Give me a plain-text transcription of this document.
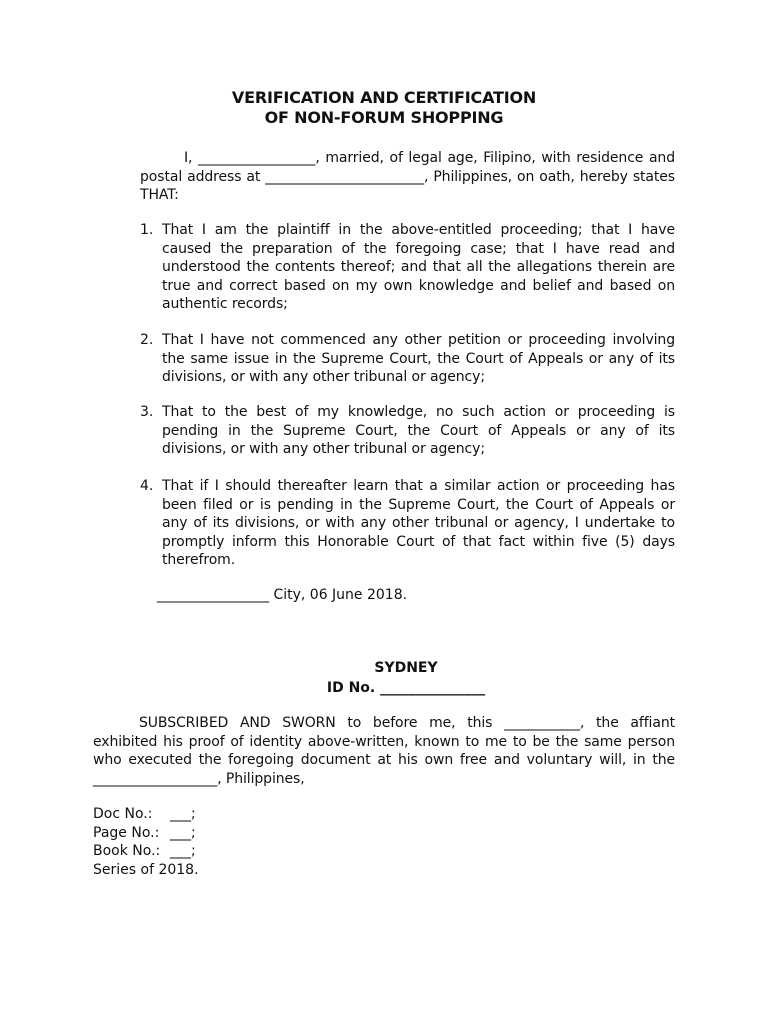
VERIFICATION AND CERTIFICATION
OF NON-FORUM SHOPPING
I, _________________, married, of legal age, Filipino, with residence and postal address at _______________________, Philippines, on oath, hereby states THAT:
1. That I am the plaintiff in the above-entitled proceeding; that I have caused the preparation of the foregoing case; that I have read and understood the contents thereof; and that all the allegations therein are true and correct based on my own knowledge and belief and based on authentic records;
2. That I have not commenced any other petition or proceeding involving the same issue in the Supreme Court, the Court of Appeals or any of its divisions, or with any other tribunal or agency;
3. That to the best of my knowledge, no such action or proceeding is pending in the Supreme Court, the Court of Appeals or any of its divisions, or with any other tribunal or agency;
4. That if I should thereafter learn that a similar action or proceeding has been filed or is pending in the Supreme Court, the Court of Appeals or any of its divisions, or with any other tribunal or agency, I undertake to promptly inform this Honorable Court of that fact within five (5) days therefrom.
________________ City, 06 June 2018.
SYDNEY
ID No. _______________
SUBSCRIBED AND SWORN to before me, this ___________, the affiant exhibited his proof of identity above-written, known to me to be the same person who executed the foregoing document at his own free and voluntary will, in the __________________, Philippines,
Doc No.:	___;
Page No.: ___;
Book No.: ___;
Series of 2018.
